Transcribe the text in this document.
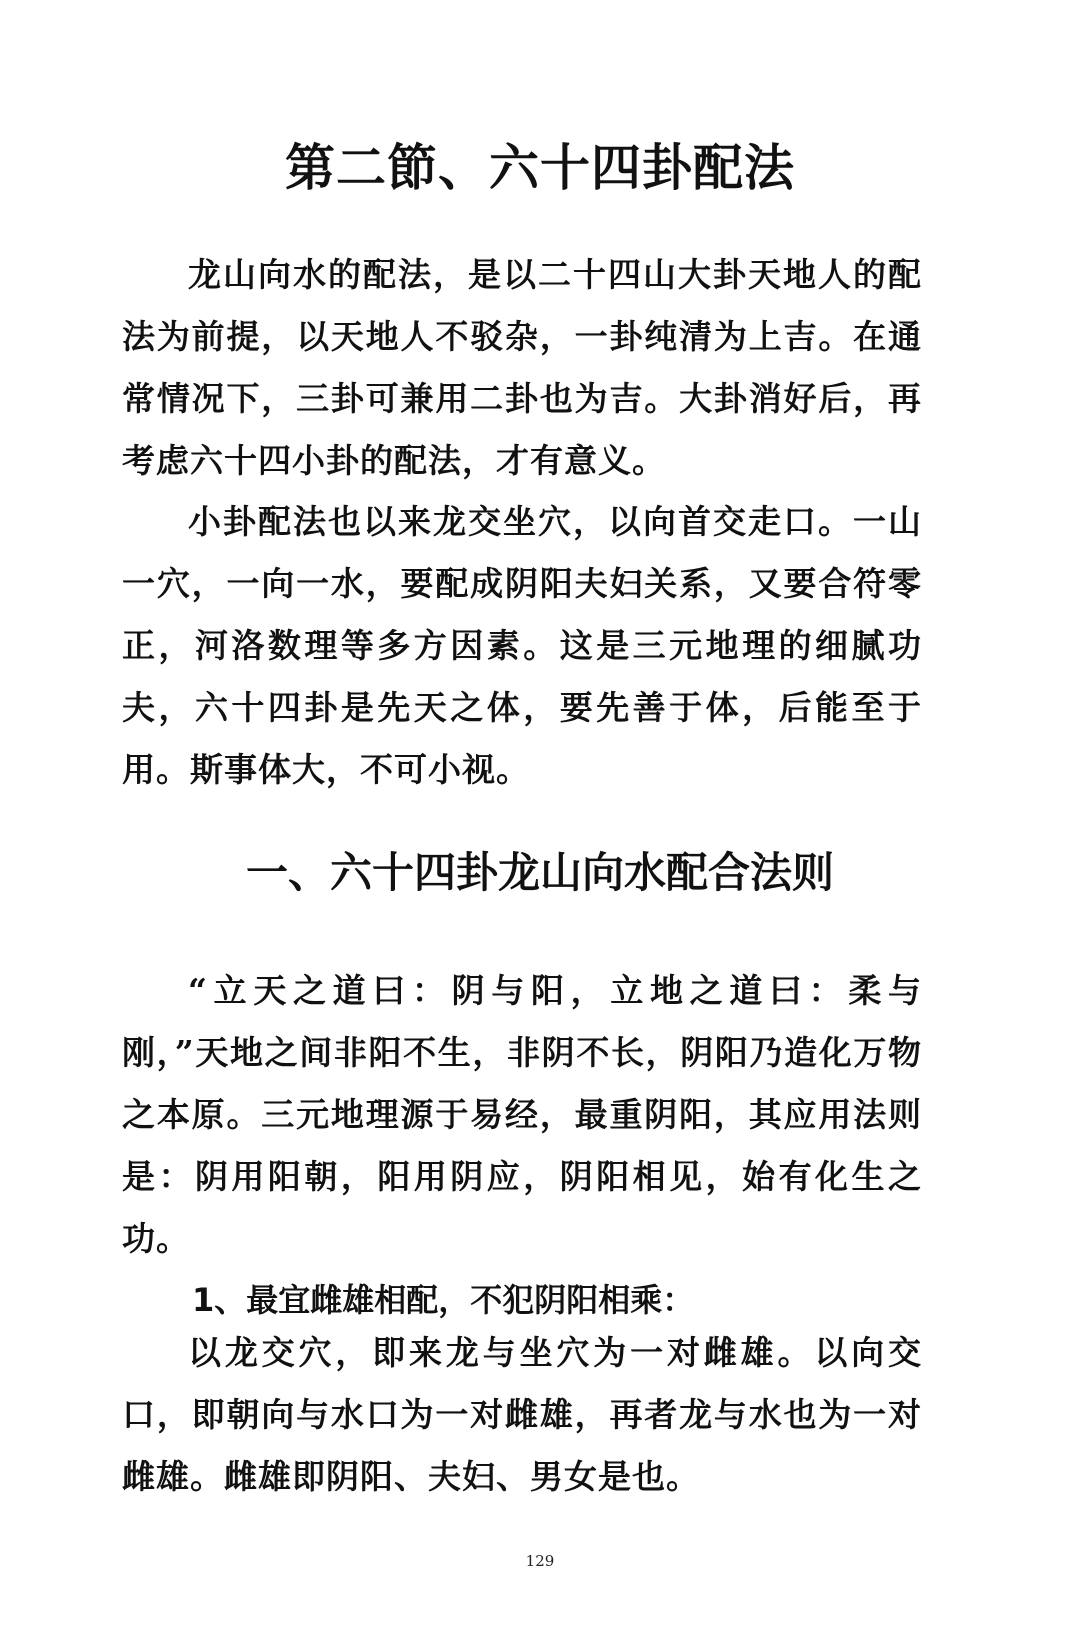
第二節、六十四卦配法

龙山向水的配法，是以二十四山大卦天地人的配法为前提，以天地人不驳杂，一卦纯清为上吉。在通常情况下，三卦可兼用二卦也为吉。大卦消好后，再考虑六十四小卦的配法，才有意义。

小卦配法也以来龙交坐穴，以向首交走口。一山一穴，一向一水，要配成阴阳夫妇关系，又要合符零正，河洛数理等多方因素。这是三元地理的细腻功夫，六十四卦是先天之体，要先善于体，后能至于用。斯事体大，不可小视。

一、六十四卦龙山向水配合法则

“立天之道曰：阴与阳，立地之道曰：柔与刚，”天地之间非阳不生，非阴不长，阴阳乃造化万物之本原。三元地理源于易经，最重阴阳，其应用法则是：阴用阳朝，阳用阴应，阴阳相见，始有化生之功。

1、最宜雌雄相配，不犯阴阳相乘：

以龙交穴，即来龙与坐穴为一对雌雄。以向交口，即朝向与水口为一对雌雄，再者龙与水也为一对雌雄。雌雄即阴阳、夫妇、男女是也。

129
